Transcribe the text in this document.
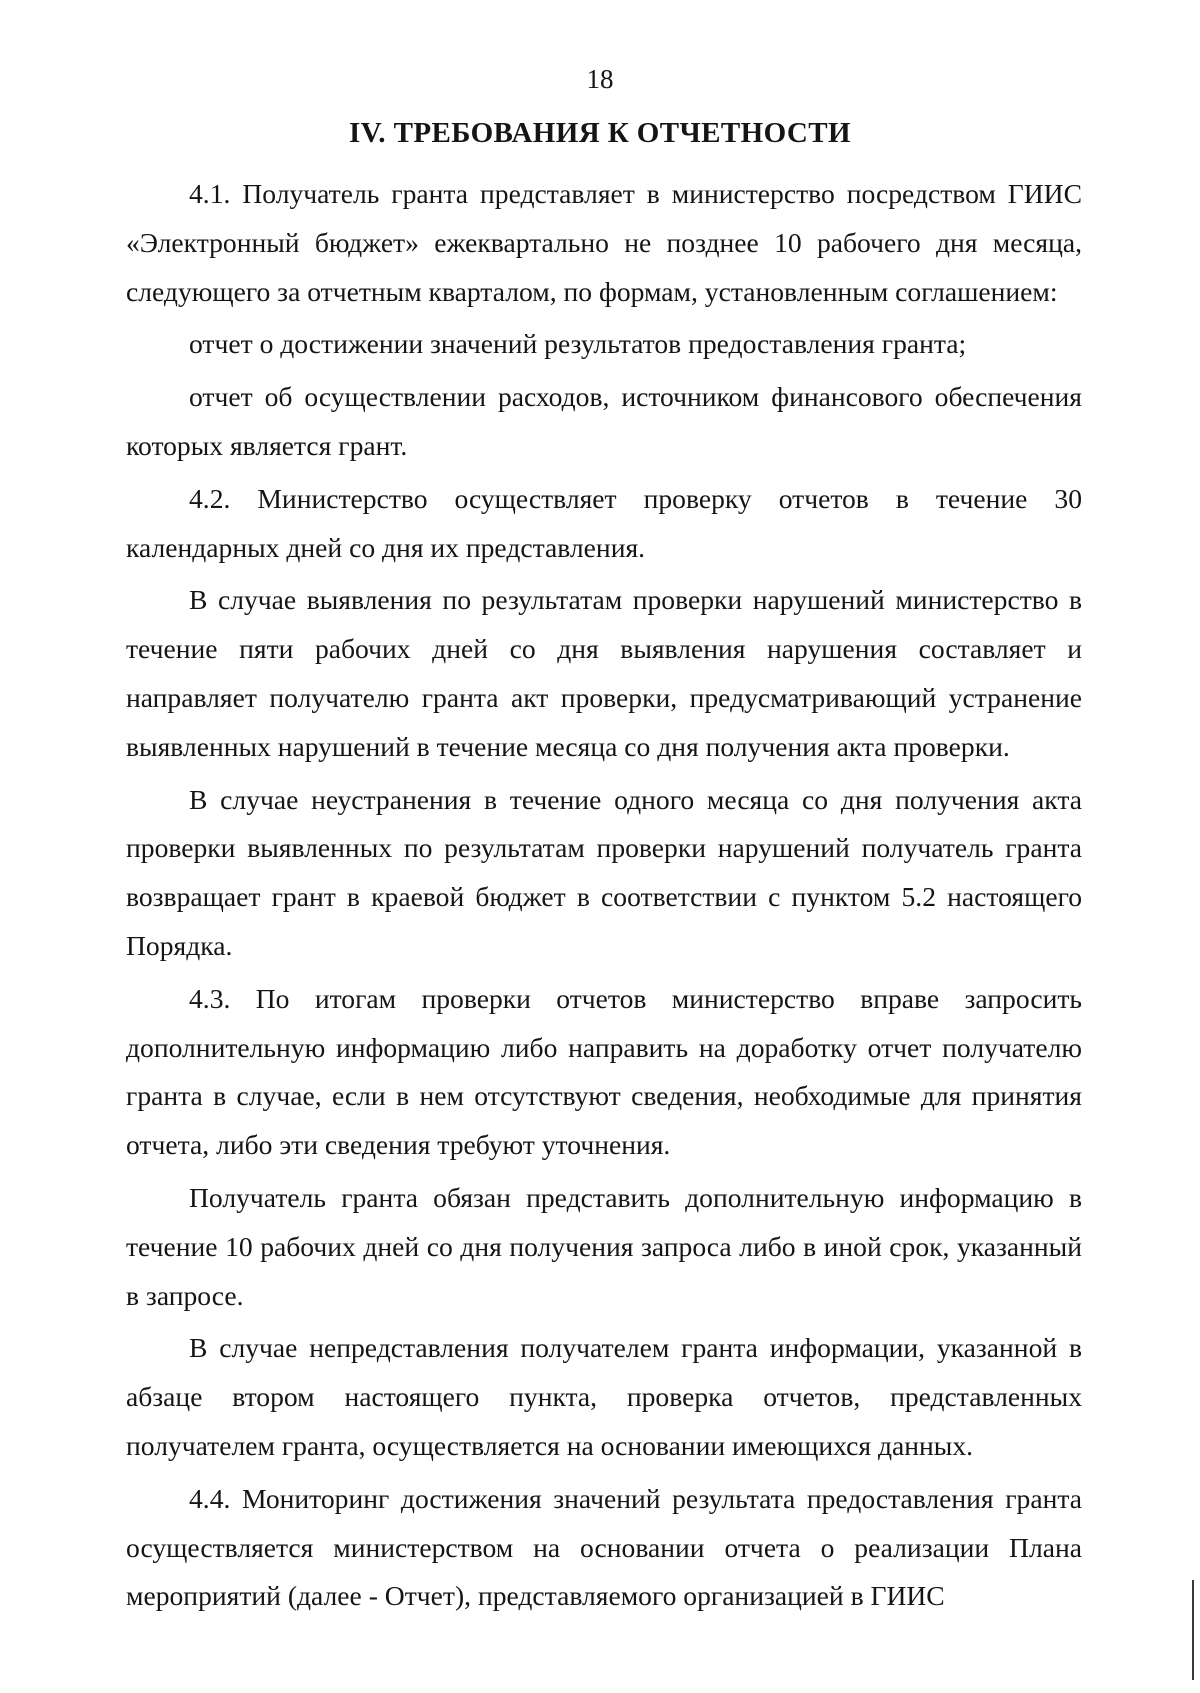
18
IV. ТРЕБОВАНИЯ К ОТЧЕТНОСТИ

4.1. Получатель гранта представляет в министерство посредством ГИИС «Электронный бюджет» ежеквартально не позднее 10 рабочего дня месяца, следующего за отчетным кварталом, по формам, установленным соглашением:

отчет о достижении значений результатов предоставления гранта;

отчет об осуществлении расходов, источником финансового обеспечения которых является грант.

4.2. Министерство осуществляет проверку отчетов в течение 30 календарных дней со дня их представления.

В случае выявления по результатам проверки нарушений министерство в течение пяти рабочих дней со дня выявления нарушения составляет и направляет получателю гранта акт проверки, предусматривающий устранение выявленных нарушений в течение месяца со дня получения акта проверки.

В случае неустранения в течение одного месяца со дня получения акта проверки выявленных по результатам проверки нарушений получатель гранта возвращает грант в краевой бюджет в соответствии с пунктом 5.2 настоящего Порядка.

4.3. По итогам проверки отчетов министерство вправе запросить дополнительную информацию либо направить на доработку отчет получателю гранта в случае, если в нем отсутствуют сведения, необходимые для принятия отчета, либо эти сведения требуют уточнения.

Получатель гранта обязан представить дополнительную информацию в течение 10 рабочих дней со дня получения запроса либо в иной срок, указанный в запросе.

В случае непредставления получателем гранта информации, указанной в абзаце втором настоящего пункта, проверка отчетов, представленных получателем гранта, осуществляется на основании имеющихся данных.

4.4. Мониторинг достижения значений результата предоставления гранта осуществляется министерством на основании отчета о реализации Плана мероприятий (далее - Отчет), представляемого организацией в ГИИС
